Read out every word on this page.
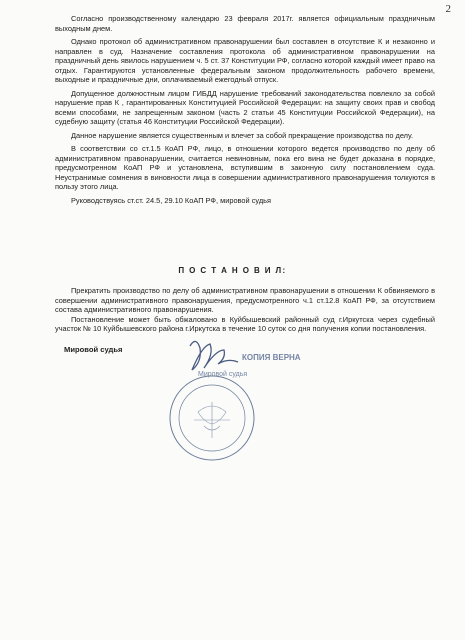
2

Согласно производственному календарю 23 февраля 2017г. является официальным праздничным выходным днем.

Однако протокол об административном правонарушении был составлен в отсутствие К и незаконно и направлен в суд. Назначение составления протокола об административном правонарушении на праздничный день явилось нарушением ч. 5 ст. 37 Конституции РФ, согласно которой каждый имеет право на отдых. Гарантируются установленные федеральным законом продолжительность рабочего времени, выходные и праздничные дни, оплачиваемый ежегодный отпуск.

Допущенное должностным лицом ГИБДД нарушение требований законодательства повлекло за собой нарушение прав К , гарантированных Конституцией Российской Федерации: на защиту своих прав и свобод всеми способами, не запрещенным законом (часть 2 статьи 45 Конституции Российской Федерации), на судебную защиту (статья 46 Конституции Российской Федерации).

Данное нарушение является существенным и влечет за собой прекращение производства по делу.

В соответствии со ст.1.5 КоАП РФ, лицо, в отношении которого ведется производство по делу об административном правонарушении, считается невиновным, пока его вина не будет доказана в порядке, предусмотренном КоАП РФ и установлена, вступившим в законную силу постановлением суда. Неустранимые сомнения в виновности лица в совершении административного правонарушения толкуются в пользу этого лица.

Руководствуясь ст.ст. 24.5, 29.10 КоАП РФ, мировой судья

П О С Т А Н О В И Л:

Прекратить производство по делу об административном правонарушении в отношении К обвиняемого в совершении административного правонарушения, предусмотренного ч.1 ст.12.8 КоАП РФ, за отсутствием состава административного правонарушения.

Постановление может быть обжаловано в Куйбышевский районный суд г.Иркутска через судебный участок № 10 Куйбышевского района г.Иркутска в течение 10 суток со дня получения копии постановления.

Мировой судья
КОПИЯ ВЕРНА
Мировой судья
